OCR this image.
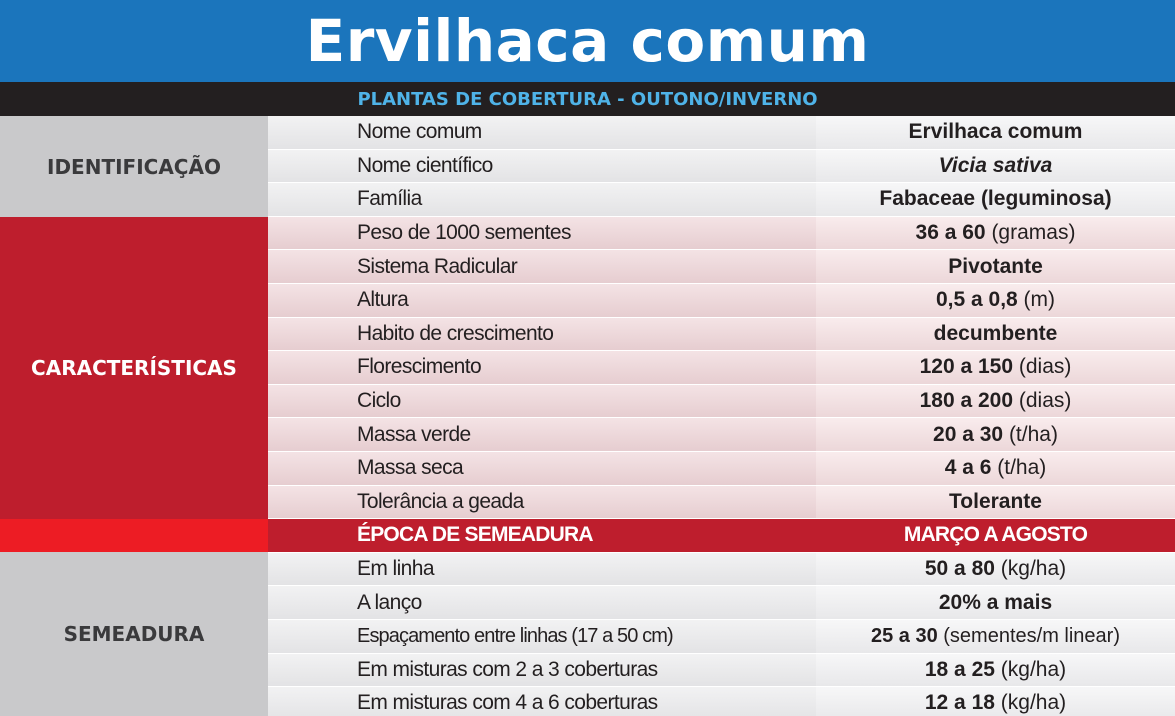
Ervilhaca comum
PLANTAS DE COBERTURA - OUTONO/INVERNO
IDENTIFICAÇÃO
CARACTERÍSTICAS
SEMEADURA
Nome comum	Ervilhaca comum
Nome científico	Vicia sativa
Família	Fabaceae (leguminosa)
Peso de 1000 sementes	36 a 60 (gramas)
Sistema Radicular	Pivotante
Altura	0,5 a 0,8 (m)
Habito de crescimento	decumbente
Florescimento	120 a 150 (dias)
Ciclo	180 a 200 (dias)
Massa verde	20 a 30 (t/ha)
Massa seca	4 a 6 (t/ha)
Tolerância a geada	Tolerante
ÉPOCA DE SEMEADURA	MARÇO A AGOSTO
Em linha	50 a 80 (kg/ha)
A lanço	20% a mais
Espaçamento entre linhas (17 a 50 cm)	25 a 30 (sementes/m linear)
Em misturas com 2 a 3 coberturas	18 a 25 (kg/ha)
Em misturas com 4 a 6 coberturas	12 a 18 (kg/ha)
